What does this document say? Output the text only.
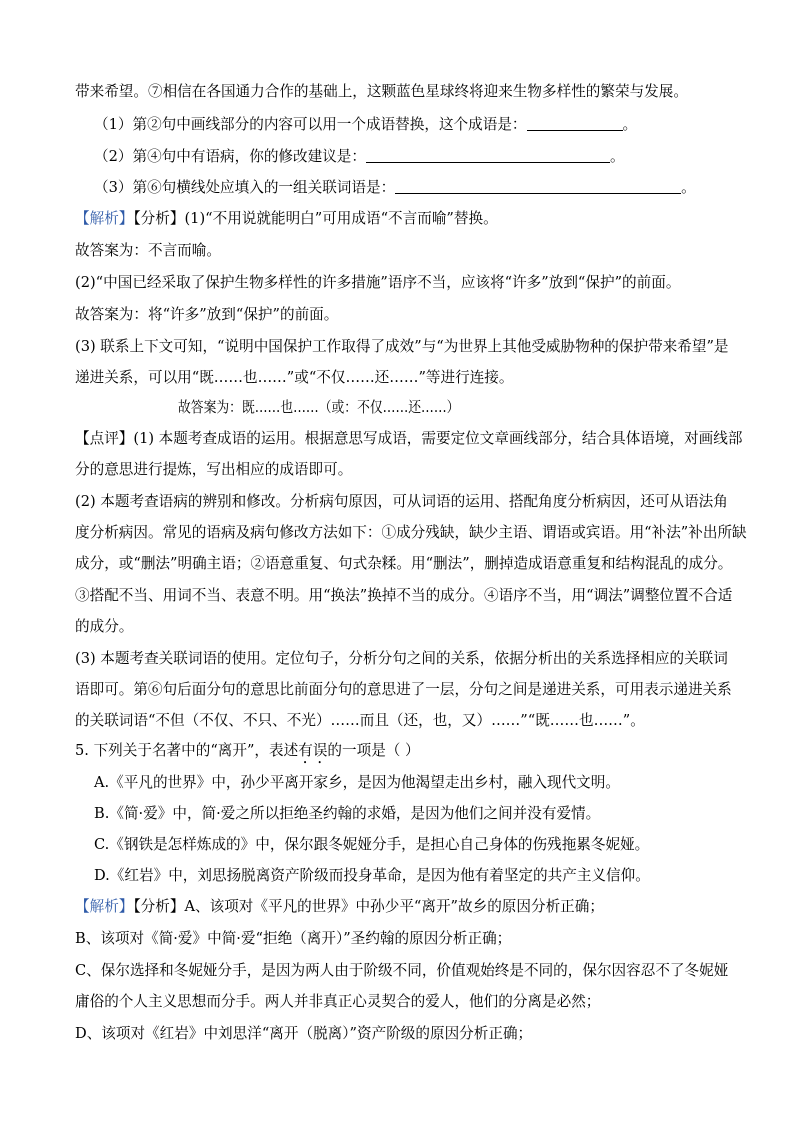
带来希望。⑦相信在各国通力合作的基础上，这颗蓝色星球终将迎来生物多样性的繁荣与发展。
（1）第②句中画线部分的内容可以用一个成语替换，这个成语是：	。
（2）第④句中有语病，你的修改建议是：	。
（3）第⑥句横线处应填入的一组关联词语是：	。
【解析】【分析】(1)“不用说就能明白”可用成语“不言而喻”替换。
故答案为：不言而喻。
(2)“中国已经采取了保护生物多样性的许多措施”语序不当，应该将“许多”放到“保护”的前面。
故答案为：将“许多”放到“保护”的前面。
(3) 联系上下文可知，“说明中国保护工作取得了成效”与“为世界上其他受威胁物种的保护带来希望”是
递进关系，可以用“既……也……”或“不仅……还……”等进行连接。
故答案为：既……也……（或：不仅……还……）
【点评】(1) 本题考查成语的运用。根据意思写成语，需要定位文章画线部分，结合具体语境，对画线部
分的意思进行提炼，写出相应的成语即可。
(2) 本题考查语病的辨别和修改。分析病句原因，可从词语的运用、搭配角度分析病因，还可从语法角
度分析病因。常见的语病及病句修改方法如下：①成分残缺，缺少主语、谓语或宾语。用“补法”补出所缺
成分，或“删法”明确主语；②语意重复、句式杂糅。用“删法”，删掉造成语意重复和结构混乱的成分。
③搭配不当、用词不当、表意不明。用“换法”换掉不当的成分。④语序不当，用“调法”调整位置不合适
的成分。
(3) 本题考查关联词语的使用。定位句子，分析分句之间的关系，依据分析出的关系选择相应的关联词
语即可。第⑥句后面分句的意思比前面分句的意思进了一层，分句之间是递进关系，可用表示递进关系
的关联词语“不但（不仅、不只、不光）……而且（还，也，又）……”“既……也……”。
5. 下列关于名著中的“离开”，表述有误的一项是（ ）
A.《平凡的世界》中，孙少平离开家乡，是因为他渴望走出乡村，融入现代文明。
B.《简·爱》中，简·爱之所以拒绝圣约翰的求婚，是因为他们之间并没有爱情。
C.《钢铁是怎样炼成的》中，保尔跟冬妮娅分手，是担心自己身体的伤残拖累冬妮娅。
D.《红岩》中，刘思扬脱离资产阶级而投身革命，是因为他有着坚定的共产主义信仰。
【解析】【分析】A、该项对《平凡的世界》中孙少平“离开”故乡的原因分析正确；
B、该项对《简·爱》中简·爱“拒绝（离开）”圣约翰的原因分析正确；
C、保尔选择和冬妮娅分手，是因为两人由于阶级不同，价值观始终是不同的，保尔因容忍不了冬妮娅
庸俗的个人主义思想而分手。两人并非真正心灵契合的爱人，他们的分离是必然；
D、该项对《红岩》中刘思洋“离开（脱离）”资产阶级的原因分析正确；
